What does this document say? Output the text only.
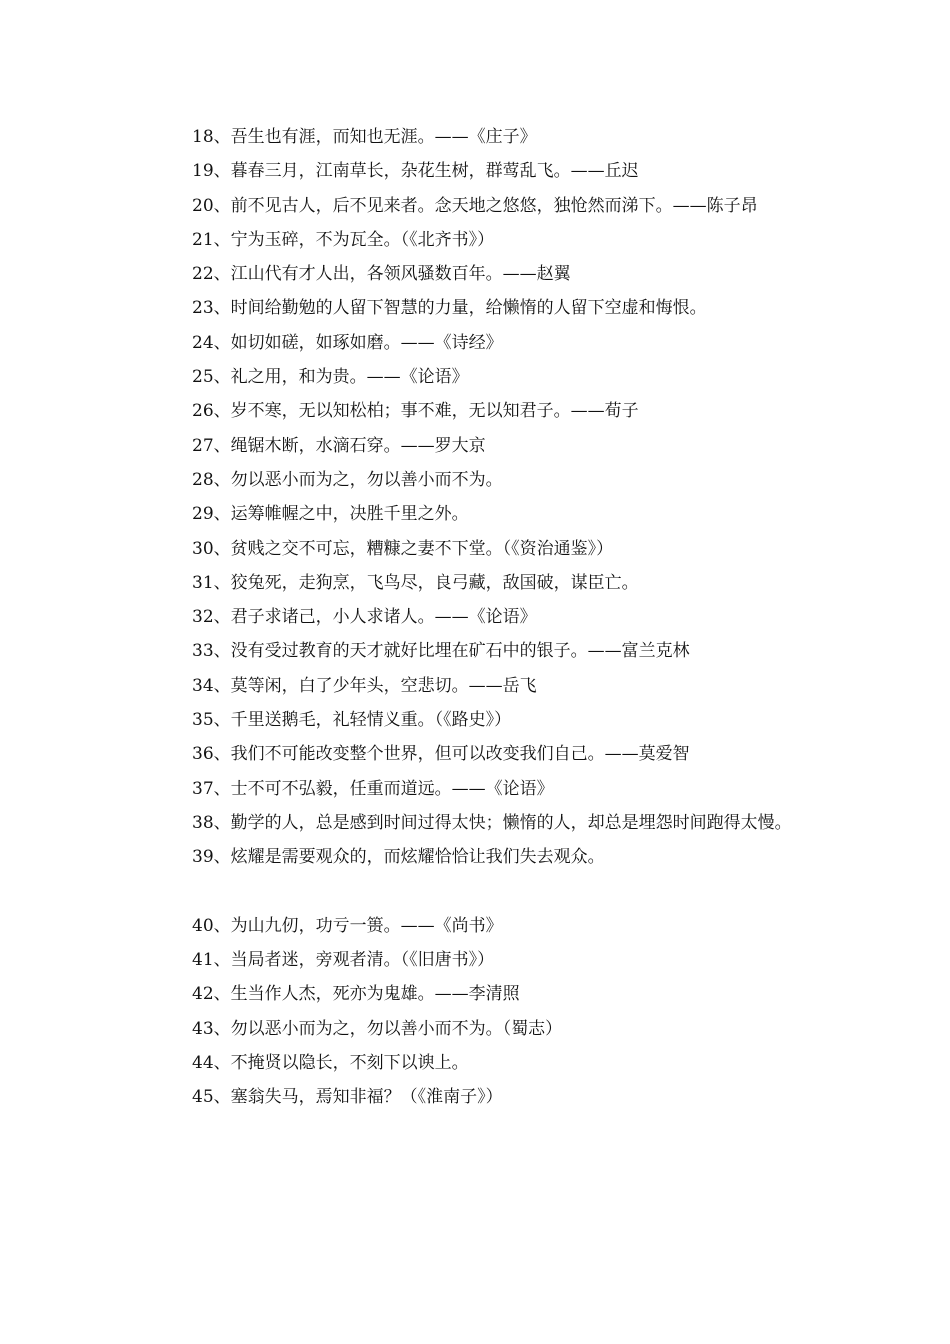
18、吾生也有涯，而知也无涯。——《庄子》

19、暮春三月，江南草长，杂花生树，群莺乱飞。——丘迟

20、前不见古人，后不见来者。念天地之悠悠，独怆然而涕下。——陈子昂

21、宁为玉碎，不为瓦全。（《北齐书》）

22、江山代有才人出，各领风骚数百年。——赵翼

23、时间给勤勉的人留下智慧的力量，给懒惰的人留下空虚和悔恨。

24、如切如磋，如琢如磨。——《诗经》

25、礼之用，和为贵。——《论语》

26、岁不寒，无以知松柏；事不难，无以知君子。——荀子

27、绳锯木断，水滴石穿。——罗大京

28、勿以恶小而为之，勿以善小而不为。

29、运筹帷幄之中，决胜千里之外。

30、贫贱之交不可忘，糟糠之妻不下堂。（《资治通鉴》）

31、狡兔死，走狗烹，飞鸟尽，良弓藏，敌国破，谋臣亡。

32、君子求诸己，小人求诸人。——《论语》

33、没有受过教育的天才就好比埋在矿石中的银子。——富兰克林

34、莫等闲，白了少年头，空悲切。——岳飞

35、千里送鹅毛，礼轻情义重。（《路史》）

36、我们不可能改变整个世界，但可以改变我们自己。——莫爱智

37、士不可不弘毅，任重而道远。——《论语》

38、勤学的人，总是感到时间过得太快；懒惰的人，却总是埋怨时间跑得太慢。

39、炫耀是需要观众的，而炫耀恰恰让我们失去观众。

40、为山九仞，功亏一篑。——《尚书》

41、当局者迷，旁观者清。（《旧唐书》）

42、生当作人杰，死亦为鬼雄。——李清照

43、勿以恶小而为之，勿以善小而不为。（蜀志）

44、不掩贤以隐长，不刻下以谀上。

45、塞翁失马，焉知非福？（《淮南子》）
